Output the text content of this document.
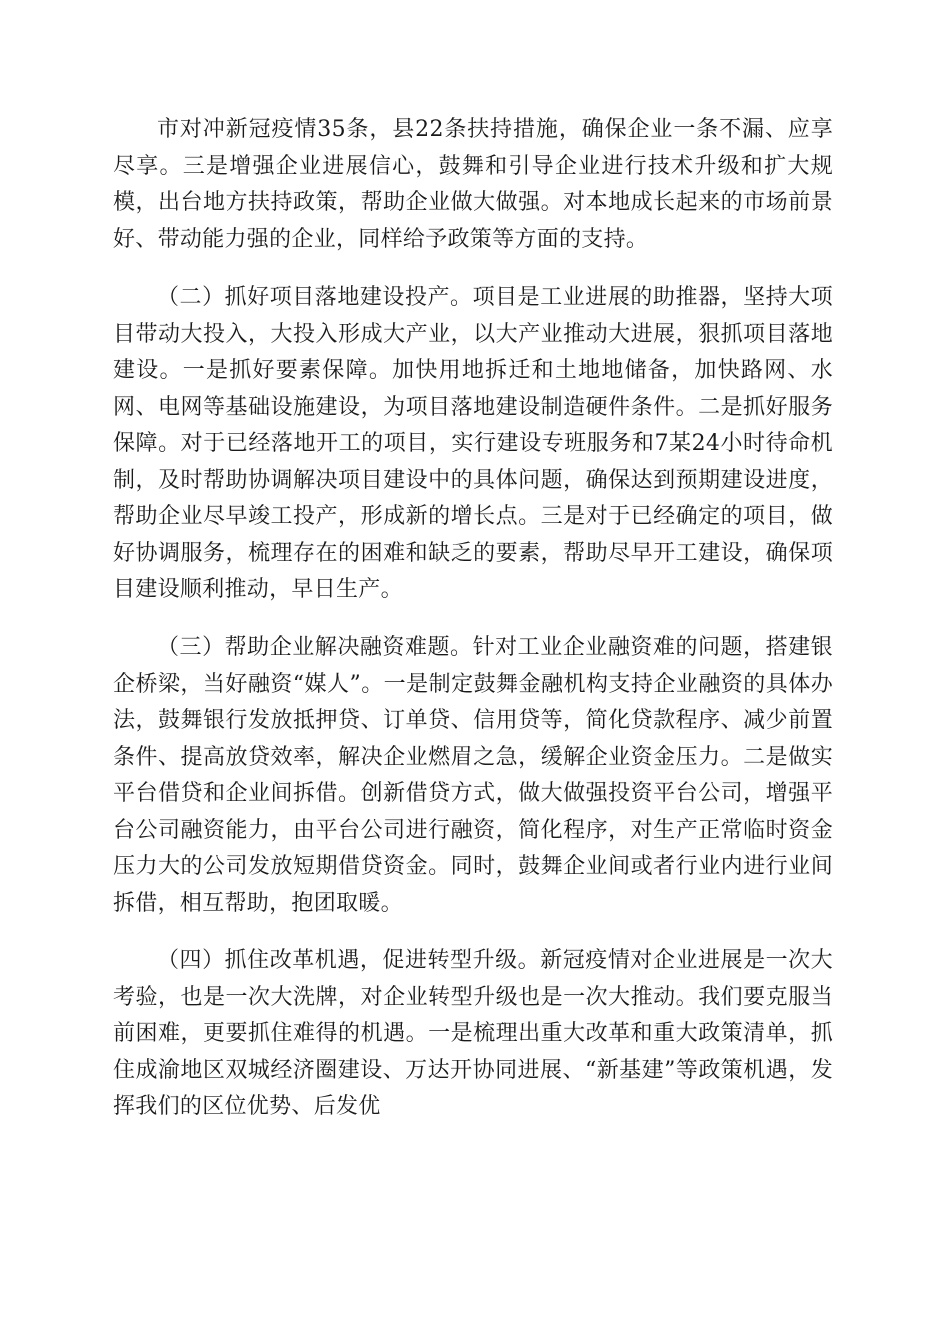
市对冲新冠疫情35条，县22条扶持措施，确保企业一条不漏、应享尽享。三是增强企业进展信心，鼓舞和引导企业进行技术升级和扩大规模，出台地方扶持政策，帮助企业做大做强。对本地成长起来的市场前景好、带动能力强的企业，同样给予政策等方面的支持。

（二）抓好项目落地建设投产。项目是工业进展的助推器，坚持大项目带动大投入，大投入形成大产业，以大产业推动大进展，狠抓项目落地建设。一是抓好要素保障。加快用地拆迁和土地地储备，加快路网、水网、电网等基础设施建设，为项目落地建设制造硬件条件。二是抓好服务保障。对于已经落地开工的项目，实行建设专班服务和7某24小时待命机制，及时帮助协调解决项目建设中的具体问题，确保达到预期建设进度，帮助企业尽早竣工投产，形成新的增长点。三是对于已经确定的项目，做好协调服务，梳理存在的困难和缺乏的要素，帮助尽早开工建设，确保项目建设顺利推动，早日生产。

（三）帮助企业解决融资难题。针对工业企业融资难的问题，搭建银企桥梁，当好融资“媒人”。一是制定鼓舞金融机构支持企业融资的具体办法，鼓舞银行发放抵押贷、订单贷、信用贷等，简化贷款程序、减少前置条件、提高放贷效率，解决企业燃眉之急，缓解企业资金压力。二是做实平台借贷和企业间拆借。创新借贷方式，做大做强投资平台公司，增强平台公司融资能力，由平台公司进行融资，简化程序，对生产正常临时资金压力大的公司发放短期借贷资金。同时，鼓舞企业间或者行业内进行业间拆借，相互帮助，抱团取暖。

（四）抓住改革机遇，促进转型升级。新冠疫情对企业进展是一次大考验，也是一次大洗牌，对企业转型升级也是一次大推动。我们要克服当前困难，更要抓住难得的机遇。一是梳理出重大改革和重大政策清单，抓住成渝地区双城经济圈建设、万达开协同进展、“新基建”等政策机遇，发挥我们的区位优势、后发优
